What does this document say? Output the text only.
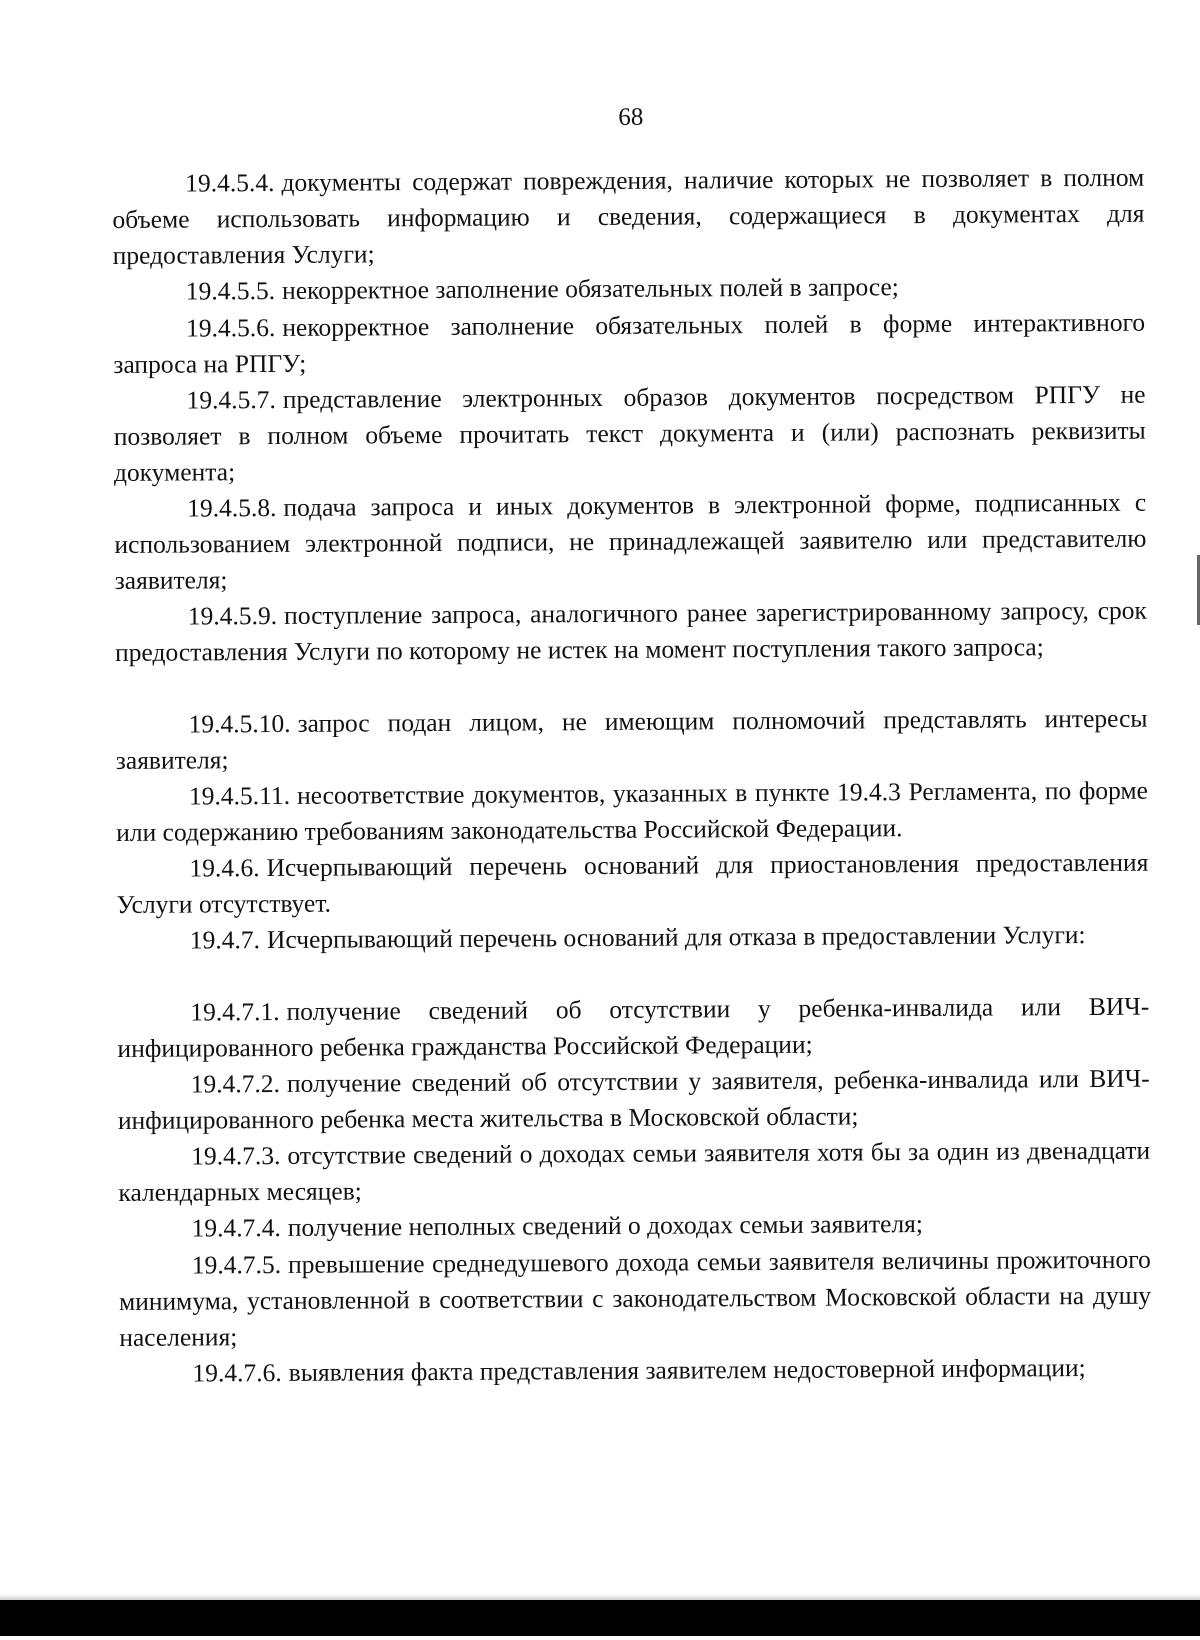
68
19.4.5.4. документы содержат повреждения, наличие которых не позволяет в полном объеме использовать информацию и сведения, содержащиеся в документах для предоставления Услуги;
19.4.5.5. некорректное заполнение обязательных полей в запросе;
19.4.5.6. некорректное заполнение обязательных полей в форме интерактивного запроса на РПГУ;
19.4.5.7. представление электронных образов документов посредством РПГУ не позволяет в полном объеме прочитать текст документа и (или) распознать реквизиты документа;
19.4.5.8. подача запроса и иных документов в электронной форме, подписанных с использованием электронной подписи, не принадлежащей заявителю или представителю заявителя;
19.4.5.9. поступление запроса, аналогичного ранее зарегистрированному запросу, срок предоставления Услуги по которому не истек на момент поступления такого запроса;
19.4.5.10. запрос подан лицом, не имеющим полномочий представлять интересы заявителя;
19.4.5.11. несоответствие документов, указанных в пункте 19.4.3 Регламента, по форме или содержанию требованиям законодательства Российской Федерации.
19.4.6. Исчерпывающий перечень оснований для приостановления предоставления Услуги отсутствует.
19.4.7. Исчерпывающий перечень оснований для отказа в предоставлении Услуги:
19.4.7.1. получение сведений об отсутствии у ребенка-инвалида или ВИЧ-инфицированного ребенка гражданства Российской Федерации;
19.4.7.2. получение сведений об отсутствии у заявителя, ребенка-инвалида или ВИЧ-инфицированного ребенка места жительства в Московской области;
19.4.7.3. отсутствие сведений о доходах семьи заявителя хотя бы за один из двенадцати календарных месяцев;
19.4.7.4. получение неполных сведений о доходах семьи заявителя;
19.4.7.5. превышение среднедушевого дохода семьи заявителя величины прожиточного минимума, установленной в соответствии с законодательством Московской области на душу населения;
19.4.7.6. выявления факта представления заявителем недостоверной информации;
